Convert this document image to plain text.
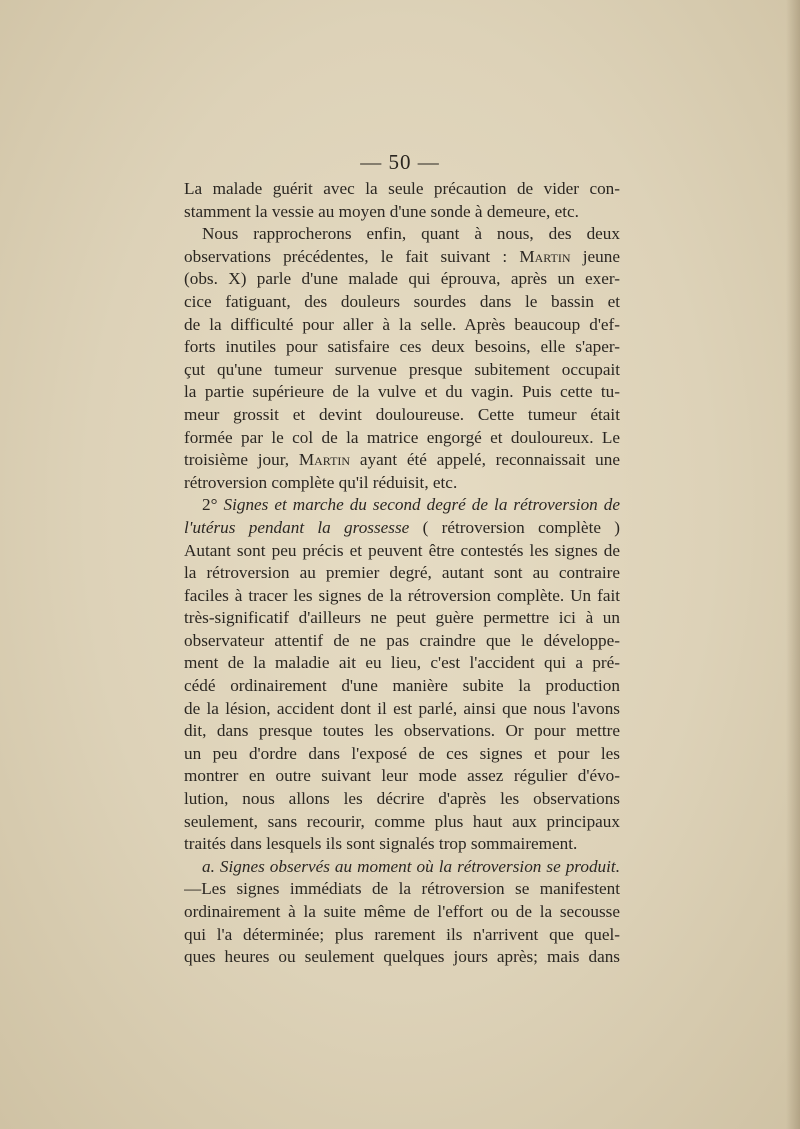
— 50 —
La malade guérit avec la seule précaution de vider con-
stamment la vessie au moyen d'une sonde à demeure, etc.
Nous rapprocherons enfin, quant à nous, des deux
observations précédentes, le fait suivant : Martin jeune
(obs. X) parle d'une malade qui éprouva, après un exer-
cice fatiguant, des douleurs sourdes dans le bassin et
de la difficulté pour aller à la selle. Après beaucoup d'ef-
forts inutiles pour satisfaire ces deux besoins, elle s'aper-
çut qu'une tumeur survenue presque subitement occupait
la partie supérieure de la vulve et du vagin. Puis cette tu-
meur grossit et devint douloureuse. Cette tumeur était
formée par le col de la matrice engorgé et douloureux. Le
troisième jour, Martin ayant été appelé, reconnaissait une
rétroversion complète qu'il réduisit, etc.
2° Signes et marche du second degré de la rétroversion de
l'utérus pendant la grossesse ( rétroversion complète )
Autant sont peu précis et peuvent être contestés les signes de
la rétroversion au premier degré, autant sont au contraire
faciles à tracer les signes de la rétroversion complète. Un fait
très-significatif d'ailleurs ne peut guère permettre ici à un
observateur attentif de ne pas craindre que le développe-
ment de la maladie ait eu lieu, c'est l'accident qui a pré-
cédé ordinairement d'une manière subite la production
de la lésion, accident dont il est parlé, ainsi que nous l'avons
dit, dans presque toutes les observations. Or pour mettre
un peu d'ordre dans l'exposé de ces signes et pour les
montrer en outre suivant leur mode assez régulier d'évo-
lution, nous allons les décrire d'après les observations
seulement, sans recourir, comme plus haut aux principaux
traités dans lesquels ils sont signalés trop sommairement.
a. Signes observés au moment où la rétroversion se produit.
—Les signes immédiats de la rétroversion se manifestent
ordinairement à la suite même de l'effort ou de la secousse
qui l'a déterminée; plus rarement ils n'arrivent que quel-
ques heures ou seulement quelques jours après; mais dans
